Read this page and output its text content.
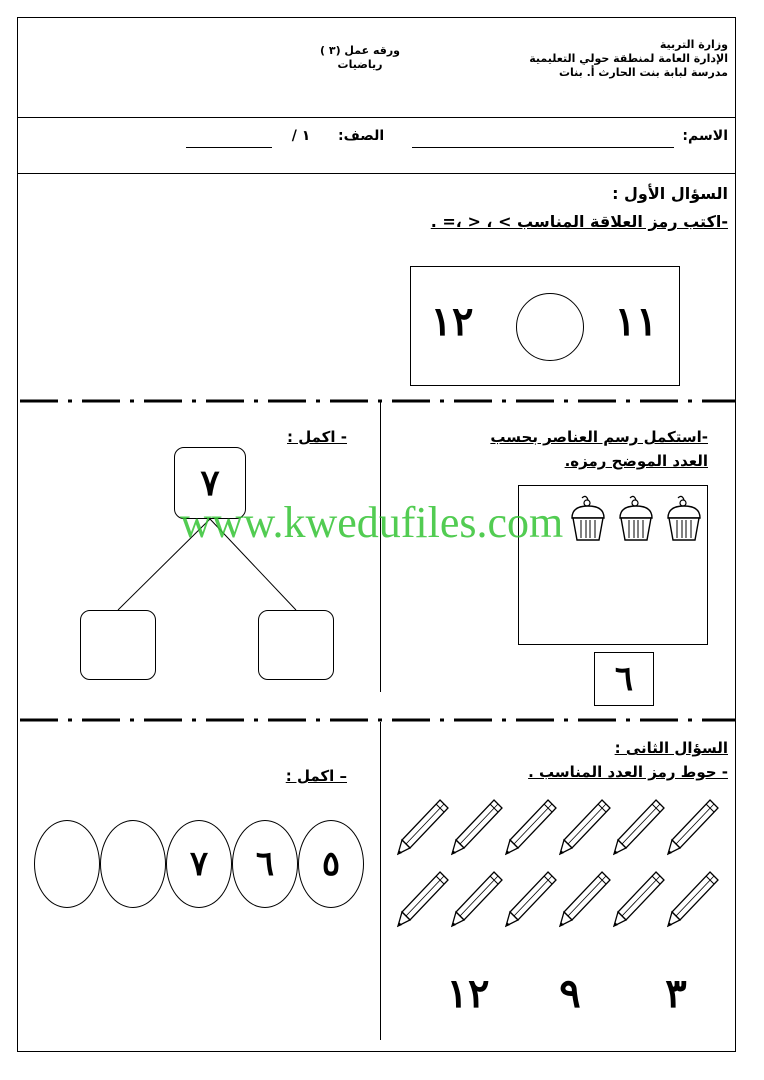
وزارة التربية
الإدارة العامة لمنطقة حولي التعليمية
مدرسة لبابة بنت الحارث أ. بنات
ورقه عمل (٣ )
رياضيات
الاسم:
الصف:
١ /
السؤال الأول :
-اكتب رمز العلاقة المناسب > ، < ،= .
١٢	١١
-استكمل رسم العناصر بحسب
العدد الموضح رمزه.
٦
- اكمل :
٧
www.kwedufiles.com
السؤال الثانى :
- حوط رمز العدد المناسب .
١٢	٩	٣
– اكمل :
٧	٦	٥
